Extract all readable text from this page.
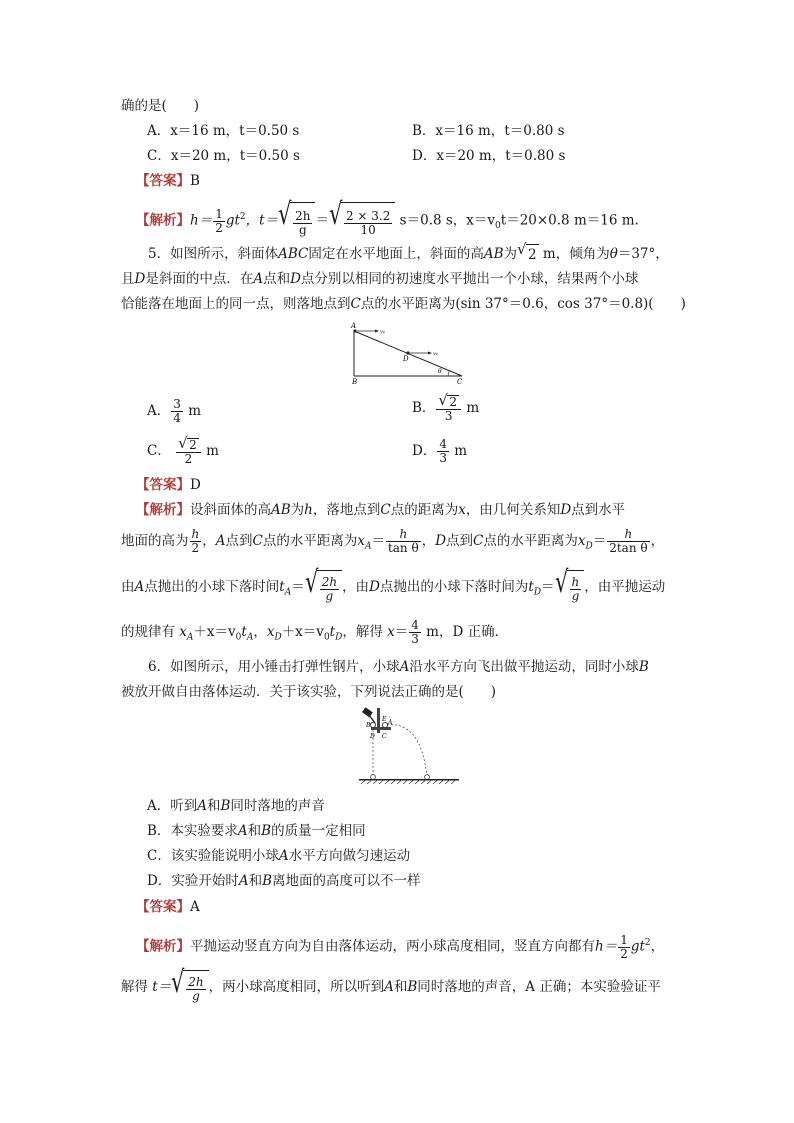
确的是(　　)
A．x＝16 m，t＝0.50 s	B．x＝16 m，t＝0.80 s
C．x＝20 m，t＝0.50 s	D．x＝20 m，t＝0.80 s
【答案】B
【解析】$h= \frac{1}{2} gt^2$，t＝ √ $\frac{2h}{g}$ ＝ √ $\frac{2 \times 3.2}{10} s=0.8$ s，$x=v_0t=20\times 0.8$ m＝16 m.
5．如图所示，斜面体ABC固定在水平地面上，斜面的高AB为 √ 2 m，倾角为θ＝37°，
且D是斜面的中点．在A点和D点分别以相同的初速度水平抛出一个小球，结果两个小球
恰能落在地面上的同一点，则落地点到C点的水平距离为(sin 37°＝0.6，cos 37°＝0.8)(　　)
A
B	C
D
θ
v₀
v₀
A． $\frac{3}{4}$ m	B． $\frac{√ 2}{3}$ m
C． $\frac{√ 2}{2}$ m	D． $\frac{4}{3}$ m
【答案】D
【解析】设斜面体的高AB为h，落地点到C点的距离为x，由几何关系知D点到水平
地面的高为 $\frac{h}{2}$ ，A点到C点的水平距离为$x_A= \frac{h}{\text{tan θ}}$ ，D点到C点的水平距离为$x_D= \frac{h}{\text{2tan θ}}$ ，
由A点抛出的小球下落时间$t_A=$ √ $\frac{2h}{g}$ ，由D点抛出的小球下落时间为$t_D=$ √ $\frac{h}{g}$ ，由平抛运动
的规律有 $x_A+x=v_0t_A$，$x_D+x=v_0t_D$，解得 $x= \frac{4}{3}$ m，D 正确．
6．如图所示，用小锤击打弹性钢片，小球A沿水平方向飞出做平抛运动，同时小球B
被放开做自由落体运动．关于该实验，下列说法正确的是(　　)
E
B	A
D C
A．听到A和B同时落地的声音
B．本实验要求A和B的质量一定相同
C．该实验能说明小球A水平方向做匀速运动
D．实验开始时A和B离地面的高度可以不一样
【答案】A
【解析】平抛运动竖直方向为自由落体运动，两小球高度相同，竖直方向都有$h= \frac{1}{2} gt^2$，
解得 t＝ √ $\frac{2h}{g}$ ，两小球高度相同，所以听到A和B同时落地的声音，A 正确；本实验验证平
